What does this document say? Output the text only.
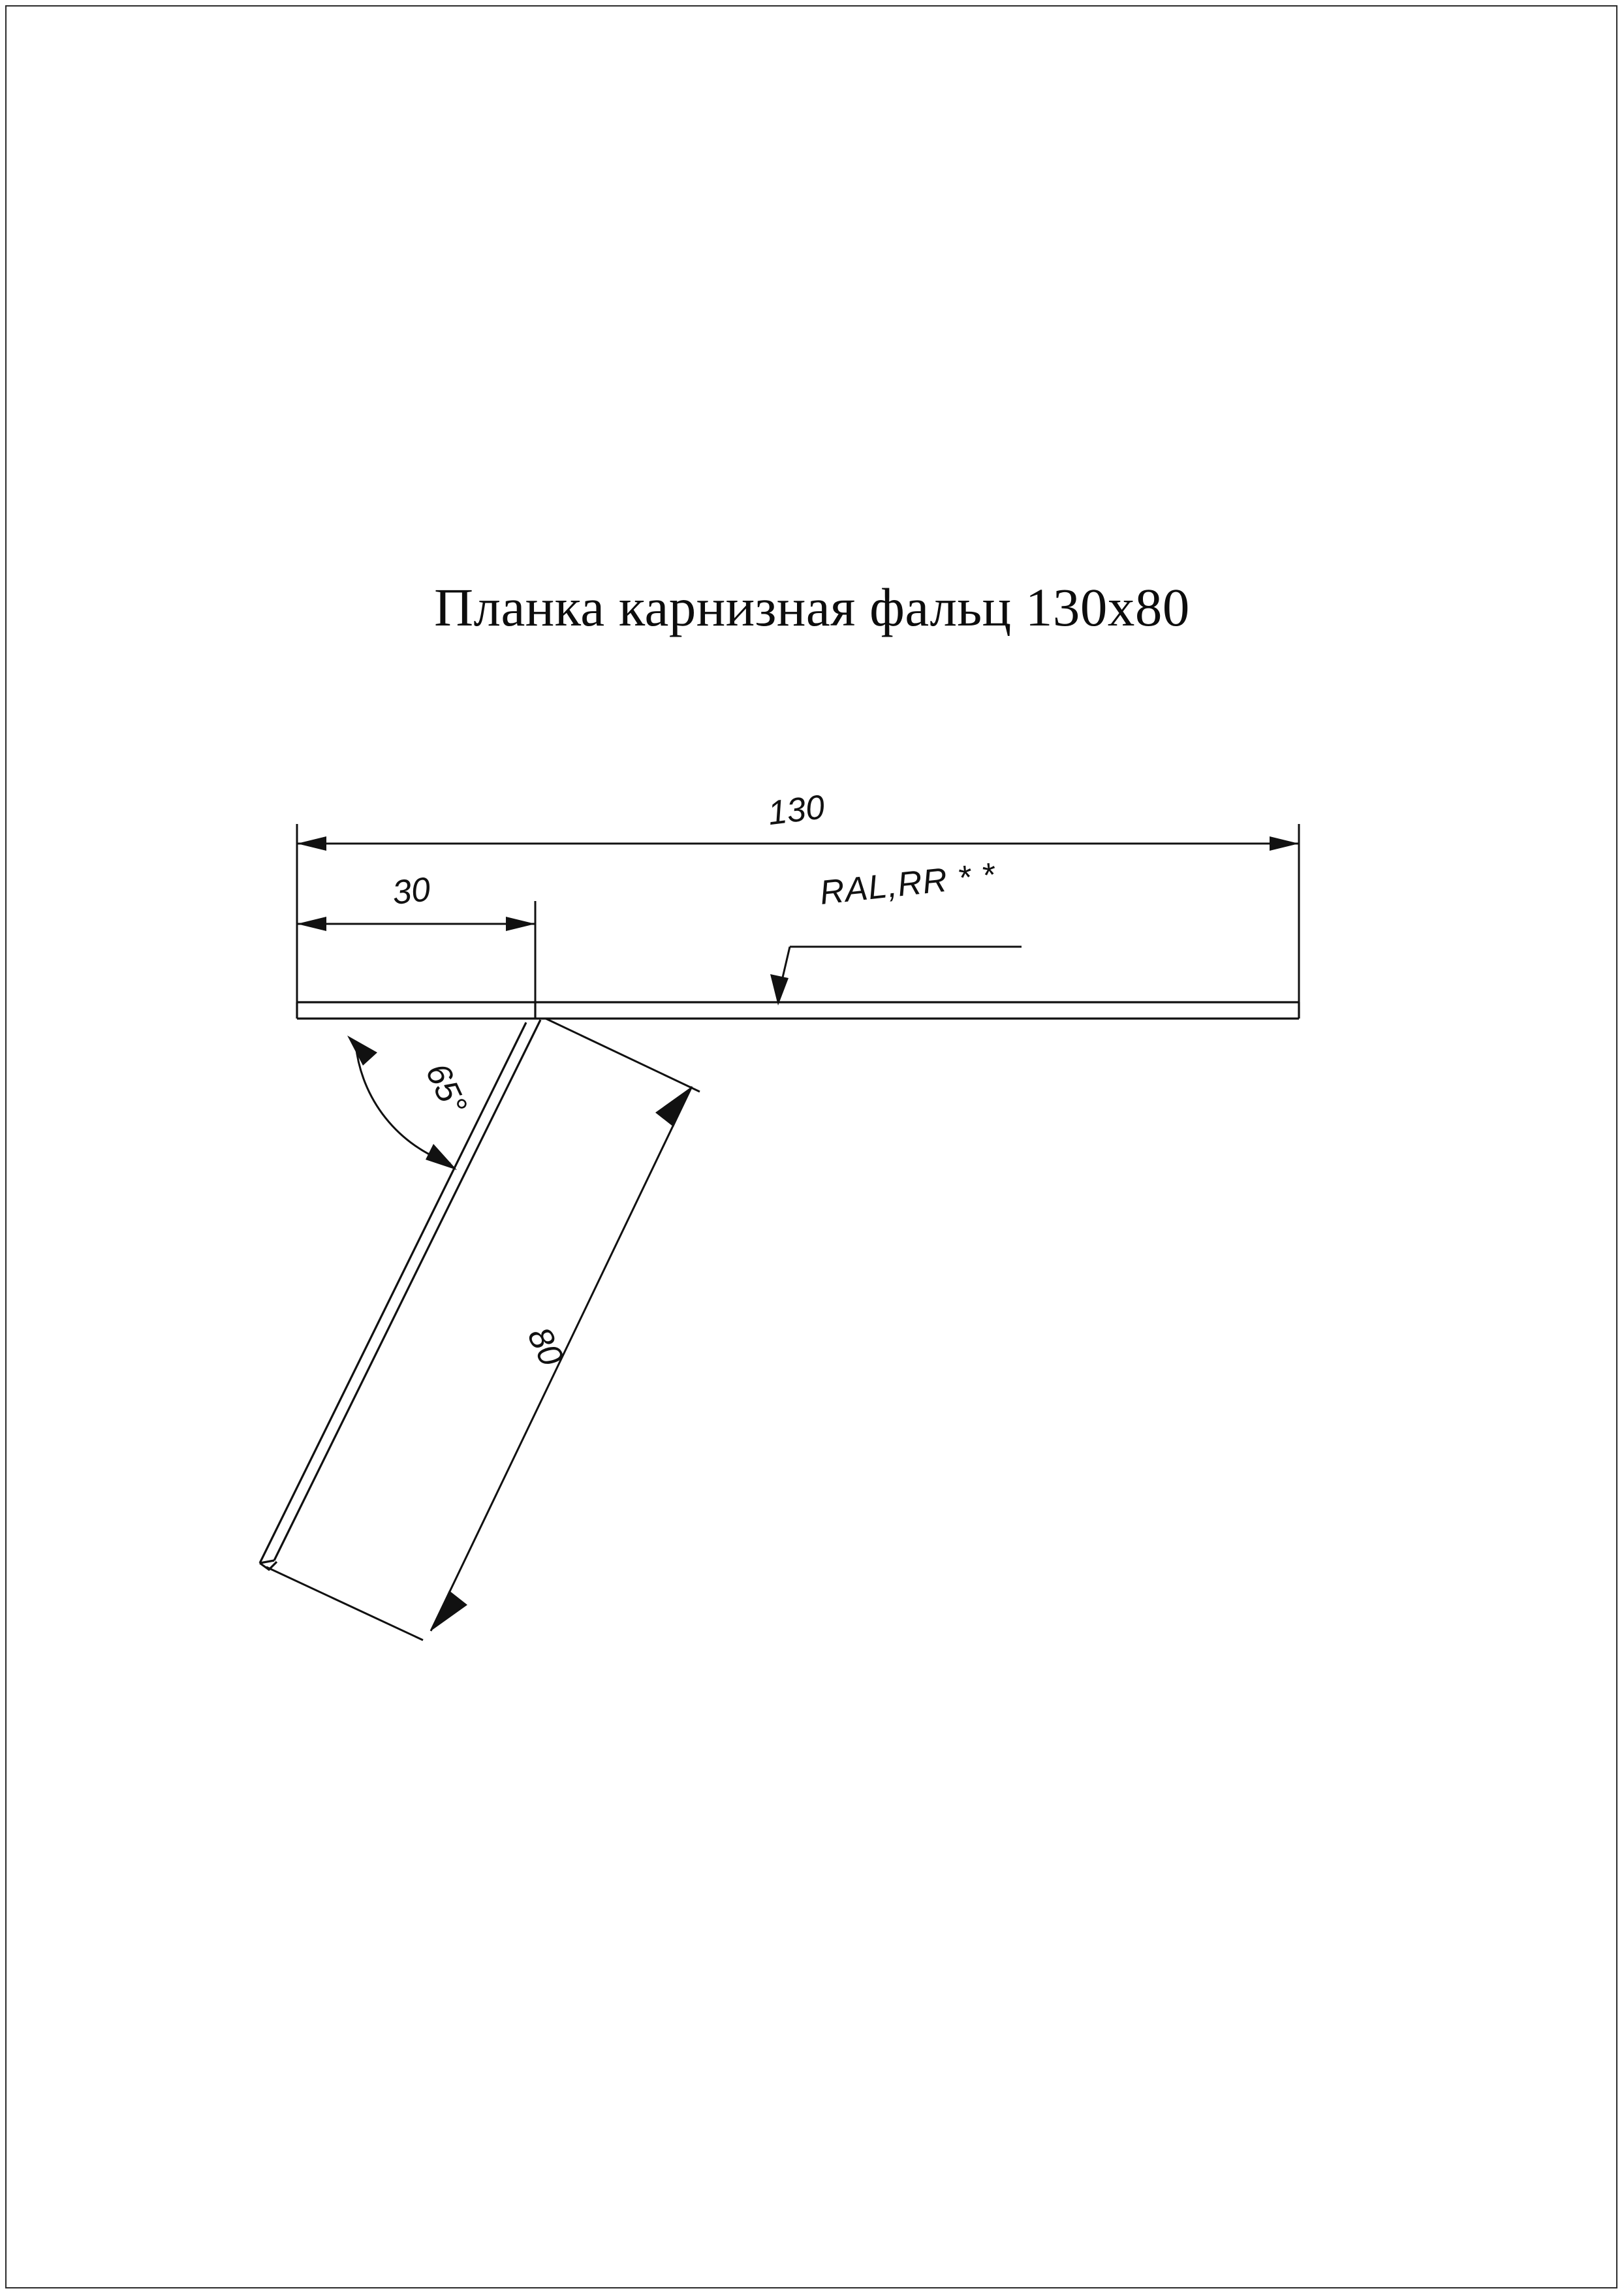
Планка карнизная фальц 130х80
130
30	RAL,RR * *
65°
80
